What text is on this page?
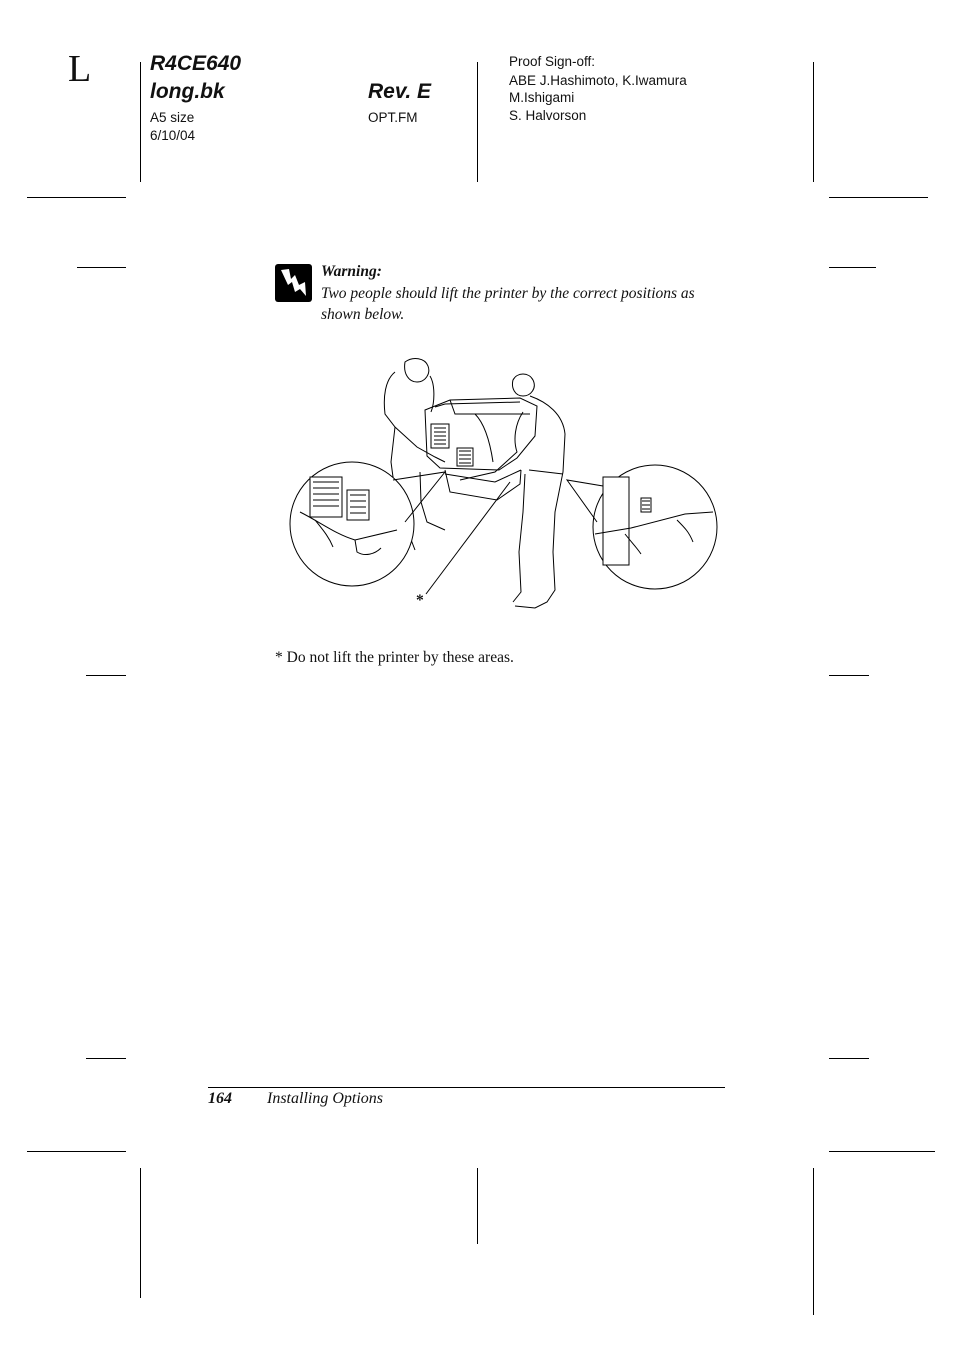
L	R4CE640
long.bk
A5 size
6/10/04
Rev. E
OPT.FM
Proof Sign-off:
ABE J.Hashimoto, K.Iwamura
M.Ishigami
S. Halvorson
Warning:
Two people should lift the printer by the correct positions as
shown below.
*
* Do not lift the printer by these areas.
164 Installing Options
